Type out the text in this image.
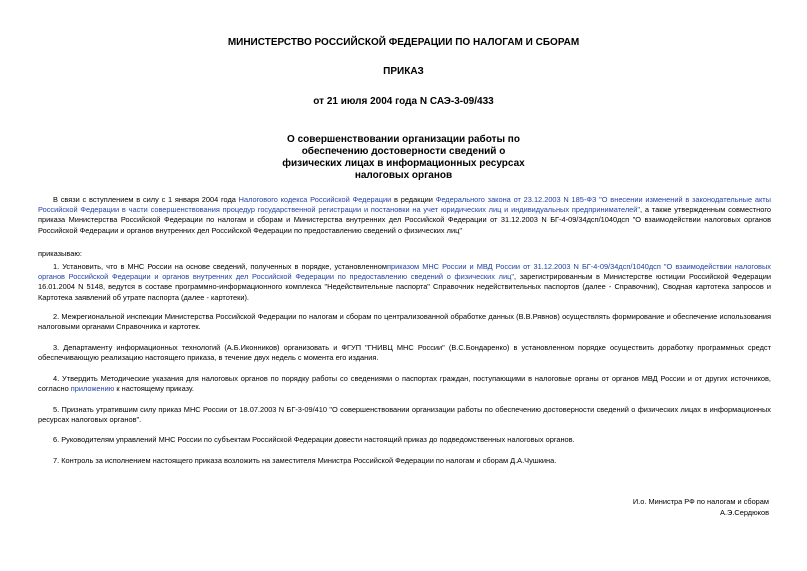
МИНИСТЕРСТВО РОССИЙСКОЙ ФЕДЕРАЦИИ ПО НАЛОГАМ И СБОРАМ
ПРИКАЗ
от 21 июля 2004 года N САЭ-3-09/433
О совершенствовании организации работы по
обеспечению достоверности сведений о
физических лицах в информационных ресурсах
налоговых органов
В связи с вступлением в силу с 1 января 2004 года Налогового кодекса Российской Федерации в редакции Федерального закона от 23.12.2003 N 185-ФЗ "О внесении изменений в законодательные акты Российской Федерации в части совершенствования процедур государственной регистрации и постановки на учет юридических лиц и индивидуальных предпринимателей", а также утвержденным совместного приказа Министерства Российской Федерации по налогам и сборам и Министерства внутренних дел Российской Федерации от 31.12.2003 N БГ-4-09/34дсп/1040дсп "О взаимодействии налоговых органов Российской Федерации и органов внутренних дел Российской Федерации по предоставлению сведений о физических лиц"
приказываю:
1. Установить, что в МНС России на основе сведений, полученных в порядке, установленномприказом МНС России и МВД России от 31.12.2003 N БГ-4-09/34дсп/1040дсп "О взаимодействии налоговых органов Российской Федерации и органов внутренних дел Российской Федерации по предоставлению сведений о физических лиц", зарегистрированным в Министерстве юстиции Российской Федерации 16.01.2004 N 5148, ведутся в составе программно-информационного комплекса "Недействительные паспорта" Справочник недействительных паспортов (далее - Справочник), Сводная картотека запросов и Картотека заявлений об утрате паспорта (далее - картотеки).
2. Межрегиональной инспекции Министерства Российской Федерации по налогам и сборам по централизованной обработке данных (В.В.Рявнов) осуществлять формирование и обеспечение использования налоговыми органами Справочника и картотек.
3. Департаменту информационных технологий (А.Б.Иконников) организовать и ФГУП "ГНИВЦ МНС России" (В.С.Бондаренко) в установленном порядке осуществить доработку программных средст обеспечивающую реализацию настоящего приказа, в течение двух недель с момента его издания.
4. Утвердить Методические указания для налоговых органов по порядку работы со сведениями о паспортах граждан, поступающими в налоговые органы от органов МВД России и от других источников, согласно приложению к настоящему приказу.
5. Признать утратившим силу приказ МНС России от 18.07.2003 N БГ-3-09/410 "О совершенствовании организации работы по обеспечению достоверности сведений о физических лицах в информационных ресурсах налоговых органов".
6. Руководителям управлений МНС России по субъектам Российской Федерации довести настоящий приказ до подведомственных налоговых органов.
7. Контроль за исполнением настоящего приказа возложить на заместителя Министра Российской Федерации по налогам и сборам Д.А.Чушкина.
И.о. Министра РФ по налогам и сборам
А.Э.Сердюков
